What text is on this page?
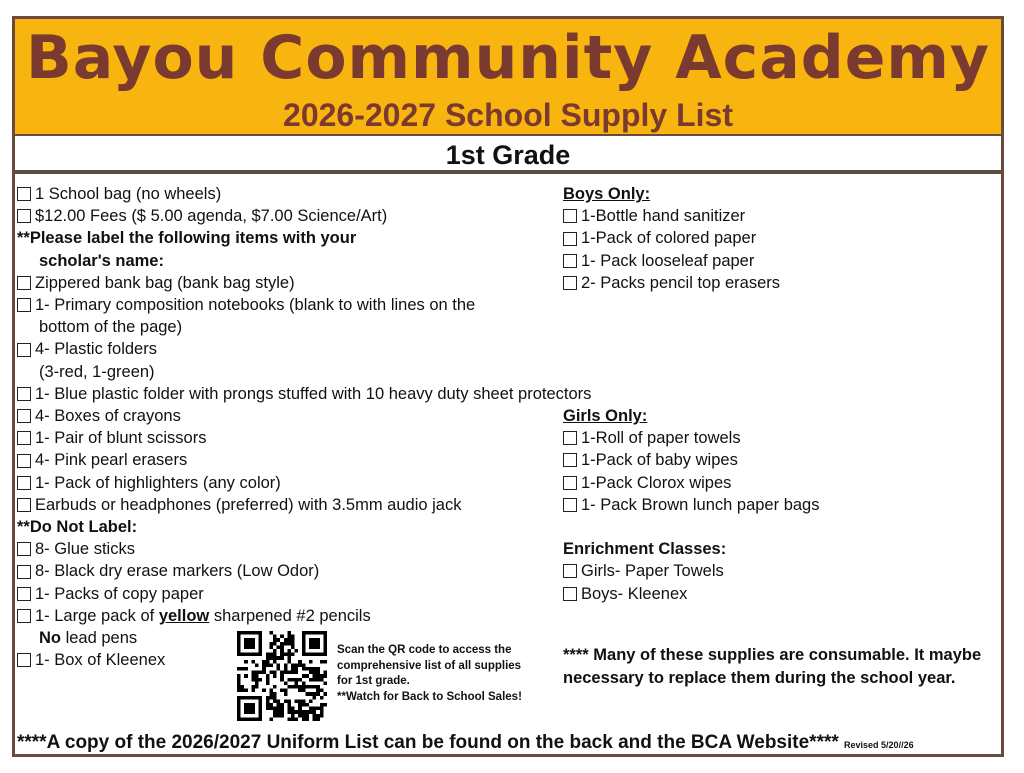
Bayou Community Academy
2026-2027 School Supply List
1st Grade
1 School bag (no wheels)
$12.00 Fees ($ 5.00 agenda, $7.00 Science/Art)
**Please label the following items with your
scholar's name:
Zippered bank bag (bank bag style)
1- Primary composition notebooks (blank to with lines on the
bottom of the page)
4- Plastic folders
(3-red, 1-green)
1- Blue plastic folder with prongs stuffed with 10 heavy duty sheet protectors
4- Boxes of crayons
1- Pair of blunt scissors
4- Pink pearl erasers
1- Pack of highlighters (any color)
Earbuds or headphones (preferred) with 3.5mm audio jack
**Do Not Label:
8- Glue sticks
8- Black dry erase markers (Low Odor)
1- Packs of copy paper
1- Large pack of yellow sharpened #2 pencils
No lead pens
1- Box of Kleenex
Boys Only:
1-Bottle hand sanitizer
1-Pack of colored paper
1- Pack looseleaf paper
2- Packs pencil top erasers
Girls Only:
1-Roll of paper towels
1-Pack of baby wipes
1-Pack Clorox wipes
1- Pack Brown lunch paper bags
Enrichment Classes:
Girls- Paper Towels
Boys- Kleenex
Scan the QR code to access the
comprehensive list of all supplies
for 1st grade.
**Watch for Back to School Sales!
**** Many of these supplies are consumable. It maybe necessary to replace them during the school year.
****A copy of the 2026/2027 Uniform List can be found on the back and the BCA Website**** Revised 5/20//26
